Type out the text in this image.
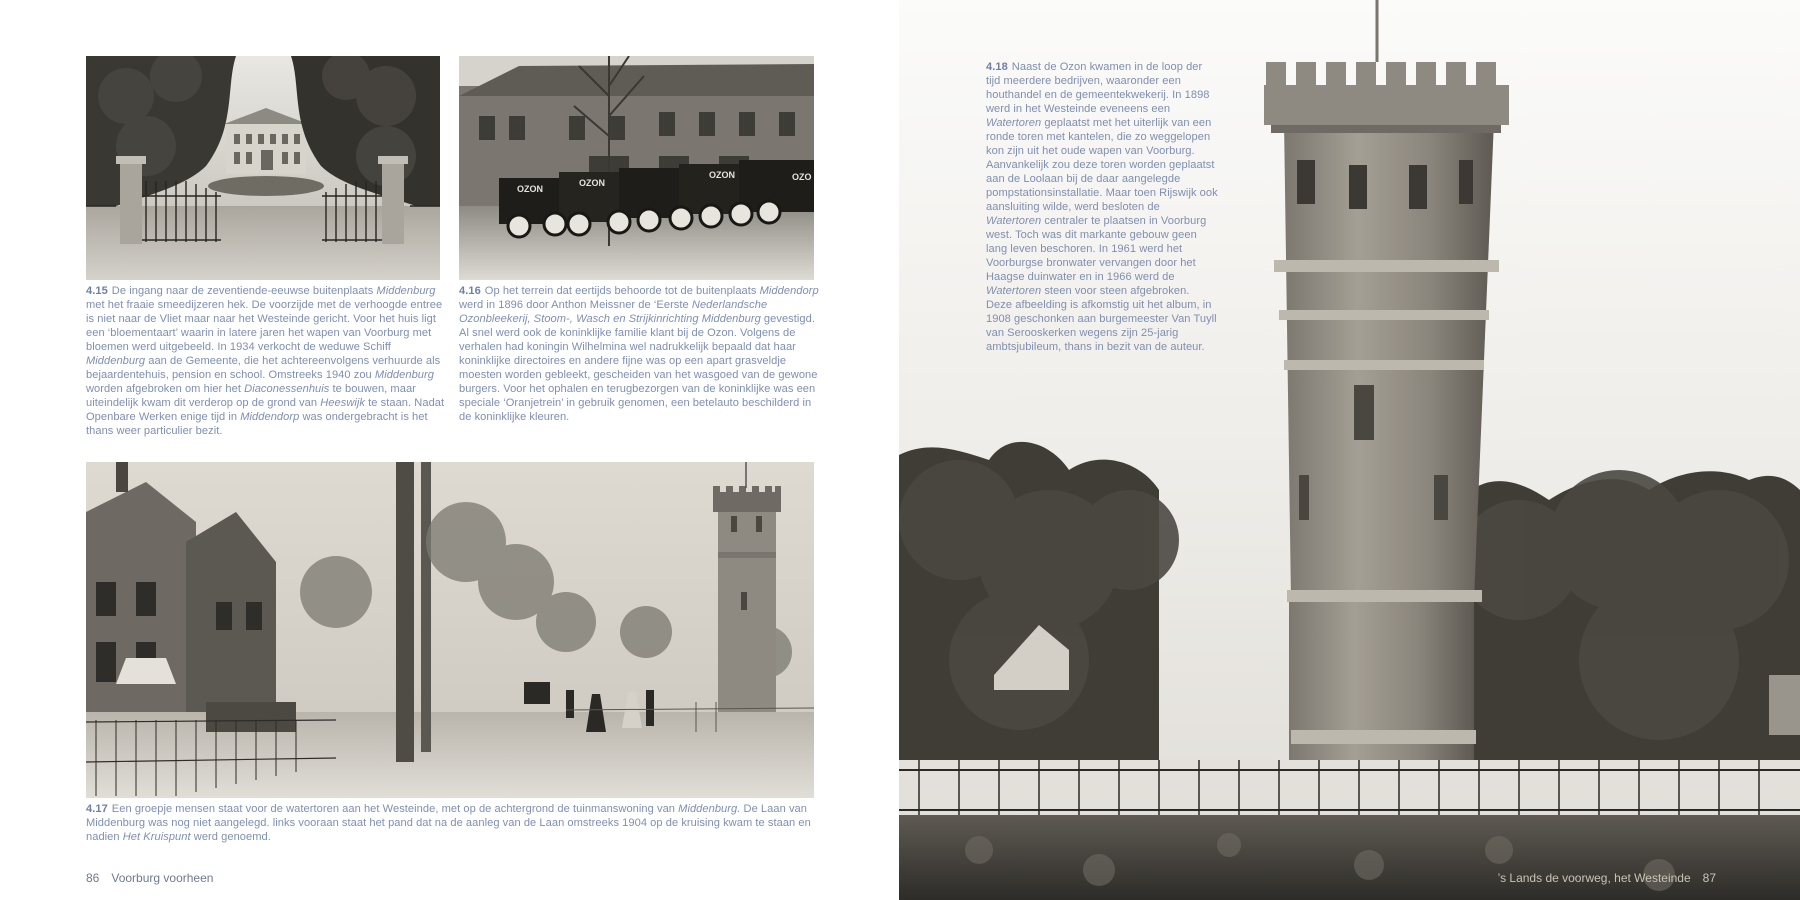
OZON
OZON
OZON	OZO
4.15 De ingang naar de zeventiende-eeuwse buitenplaats Middenburg met het fraaie smeedijzeren hek. De voorzijde met de verhoogde entree is niet naar de Vliet maar naar het Westeinde gericht. Voor het huis ligt een ‘bloementaart’ waarin in latere jaren het wapen van Voorburg met bloemen werd uitgebeeld. In 1934 verkocht de weduwe Schiff Middenburg aan de Gemeente, die het achtereenvolgens verhuurde als bejaardentehuis, pension en school. Omstreeks 1940 zou Middenburg worden afgebroken om hier het Diaconessenhuis te bouwen, maar uiteindelijk kwam dit verderop op de grond van Heeswijk te staan. Nadat Openbare Werken enige tijd in Middendorp was ondergebracht is het thans weer particulier bezit.
4.16 Op het terrein dat eertijds behoorde tot de buitenplaats Middendorp werd in 1896 door Anthon Meissner de ‘Eerste Nederlandsche Ozonbleekerij, Stoom-, Wasch en Strijkinrichting Middenburg gevestigd. Al snel werd ook de koninklijke familie klant bij de Ozon. Volgens de verhalen had koningin Wilhelmina wel nadrukkelijk bepaald dat haar koninklijke directoires en andere fijne was op een apart grasveldje moesten worden gebleekt, gescheiden van het wasgoed van de gewone burgers. Voor het ophalen en terugbezorgen van de koninklijke was een speciale ‘Oranjetrein’ in gebruik genomen, een betelauto beschilderd in de koninklijke kleuren.
4.17 Een groepje mensen staat voor de watertoren aan het Westeinde, met op de achtergrond de tuinmanswoning van Middenburg. De Laan van Middenburg was nog niet aangelegd. links vooraan staat het pand dat na de aanleg van de Laan omstreeks 1904 op de kruising kwam te staan en nadien Het Kruispunt werd genoemd.
86 Voorburg voorheen
4.18 Naast de Ozon kwamen in de loop der tijd meerdere bedrijven, waaronder een houthandel en de gemeentekwekerij. In 1898 werd in het Westeinde eveneens een Watertoren geplaatst met het uiterlijk van een ronde toren met kantelen, die zo weggelopen kon zijn uit het oude wapen van Voorburg. Aanvankelijk zou deze toren worden geplaatst aan de Loolaan bij de daar aangelegde pompstationsinstallatie. Maar toen Rijswijk ook aansluiting wilde, werd besloten de Watertoren centraler te plaatsen in Voorburg west. Toch was dit markante gebouw geen lang leven beschoren. In 1961 werd het Voorburgse bronwater vervangen door het Haagse duinwater en in 1966 werd de Watertoren steen voor steen afgebroken. Deze afbeelding is afkomstig uit het album, in 1908 geschonken aan burgemeester Van Tuyll van Serooskerken wegens zijn 25-jarig ambtsjubileum, thans in bezit van de auteur.
’s Lands de voorweg, het Westeinde 87
